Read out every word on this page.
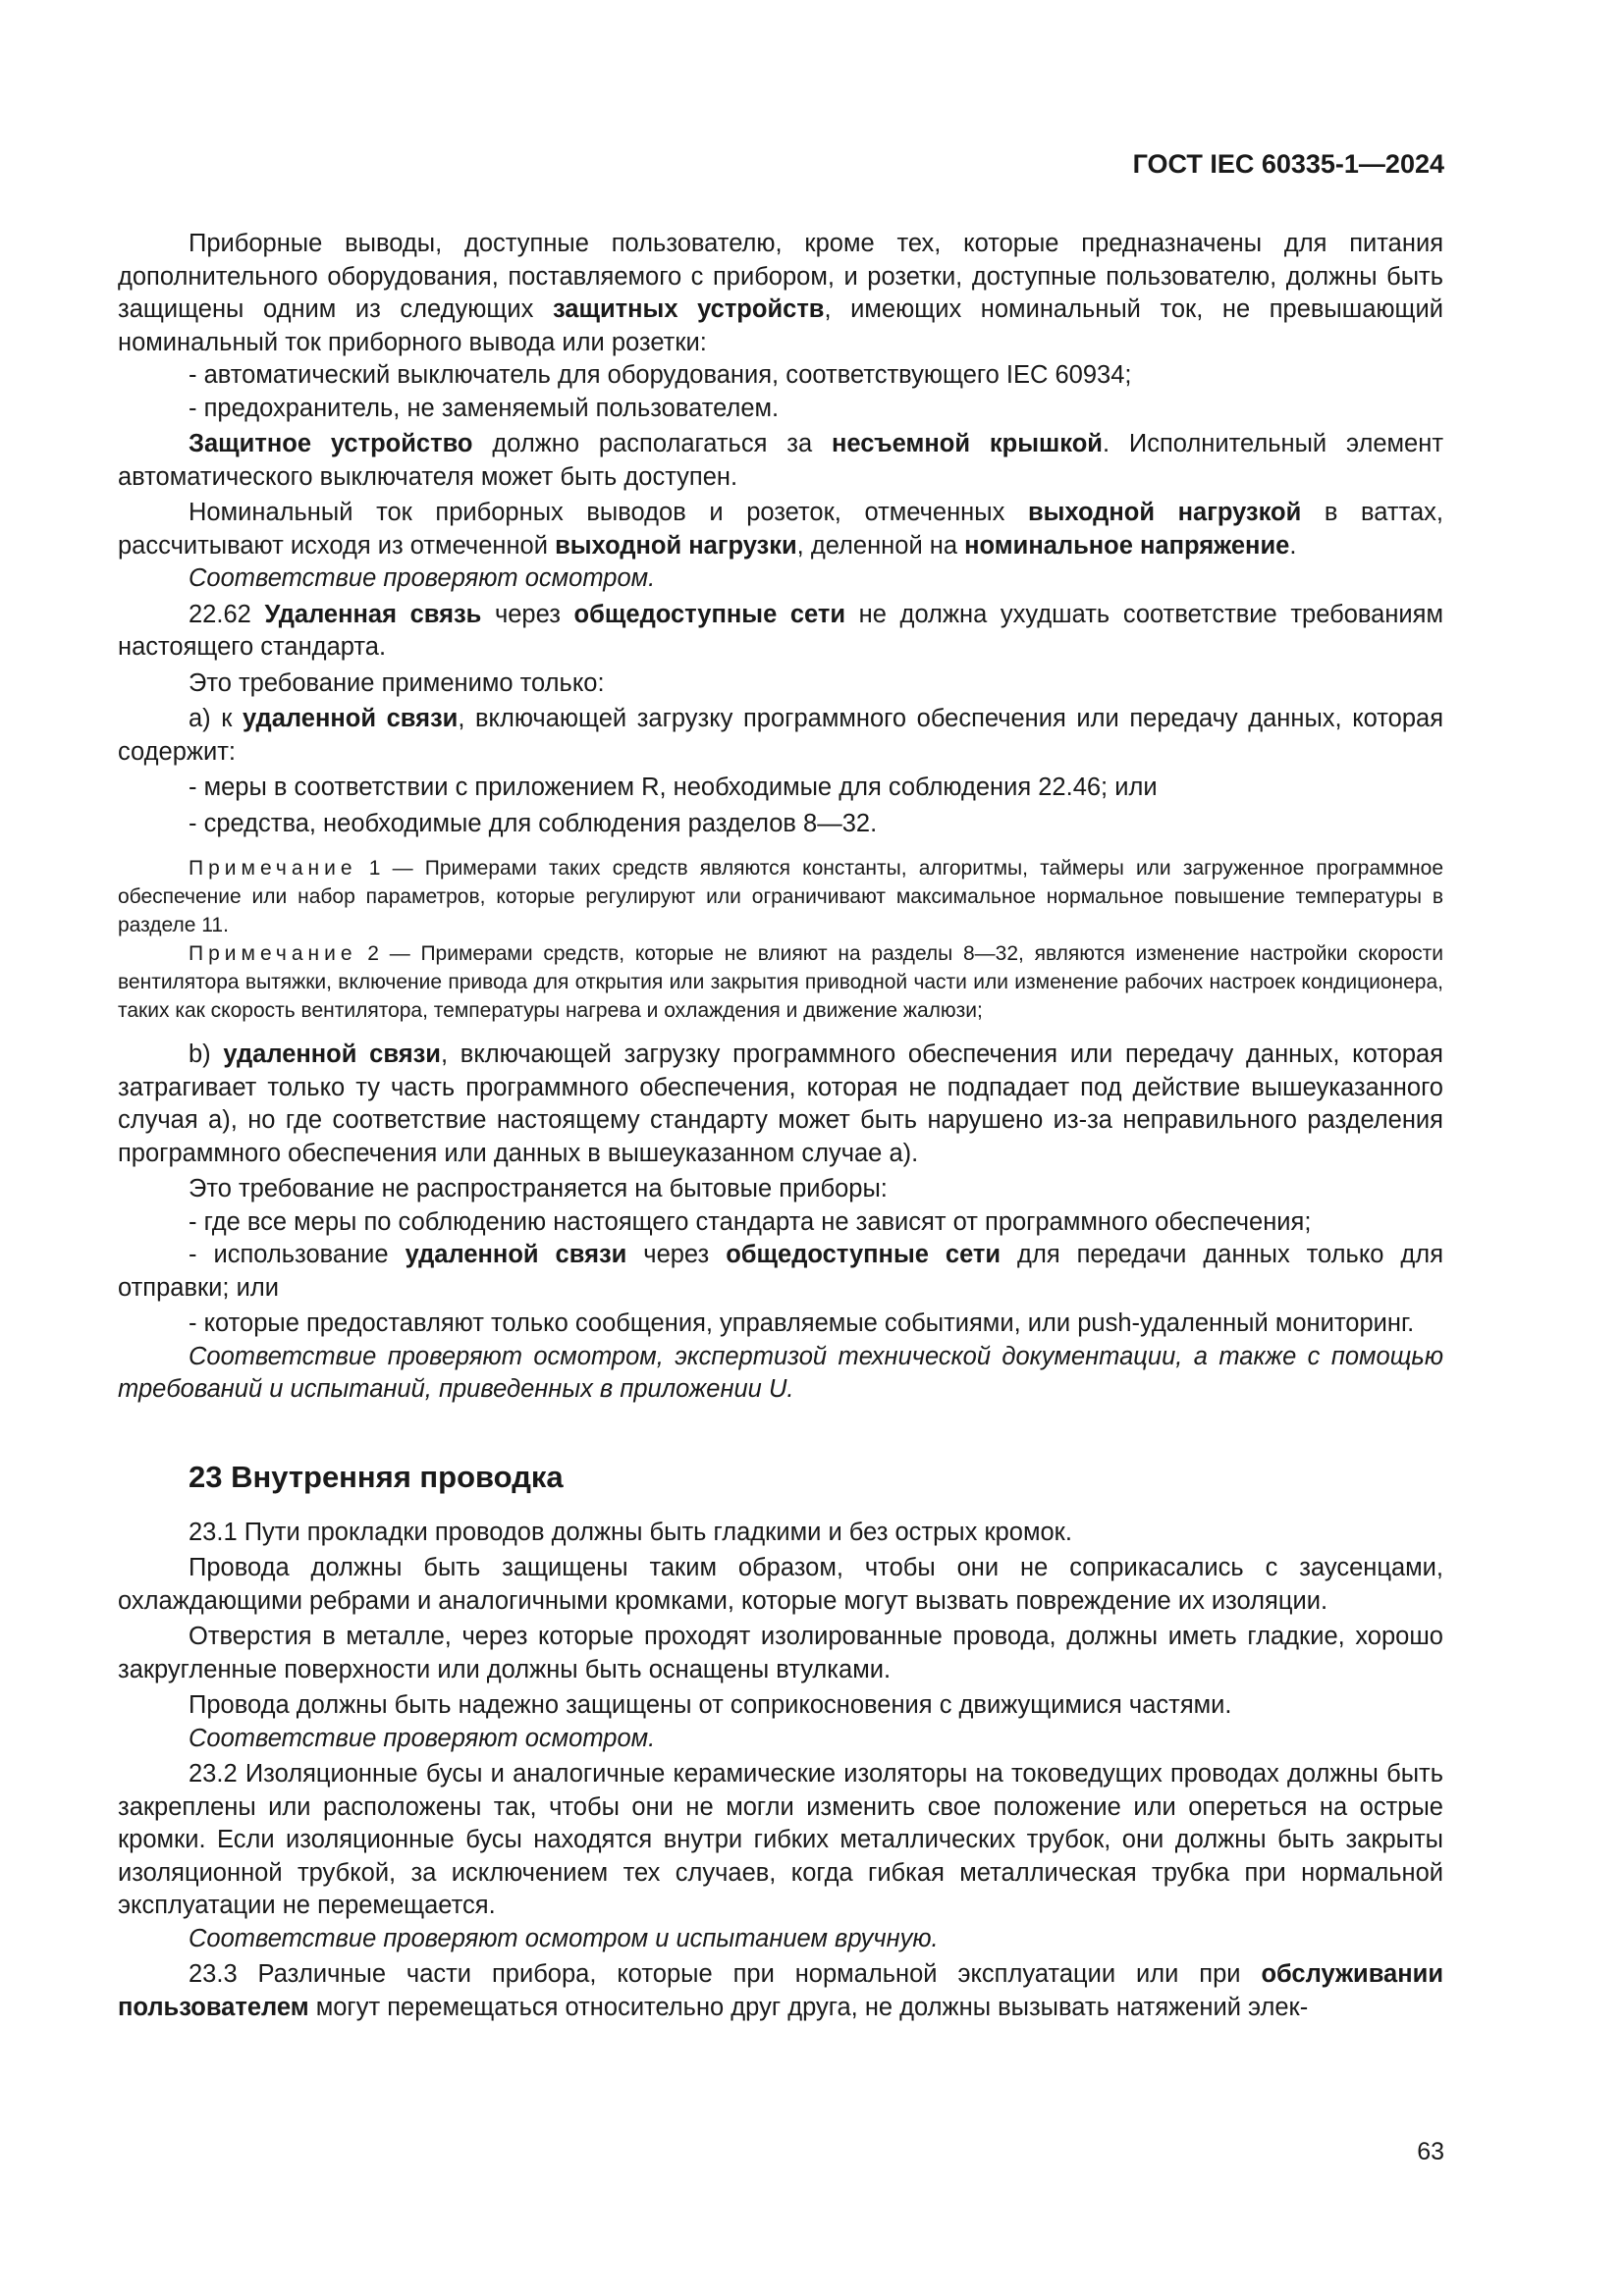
ГОСТ IEC 60335-1—2024

Приборные выводы, доступные пользователю, кроме тех, которые предназначены для питания дополнительного оборудования, поставляемого с прибором, и розетки, доступные пользователю, должны быть защищены одним из следующих защитных устройств, имеющих номинальный ток, не превышающий номинальный ток приборного вывода или розетки:

- автоматический выключатель для оборудования, соответствующего IEC 60934;

- предохранитель, не заменяемый пользователем.

Защитное устройство должно располагаться за несъемной крышкой. Исполнительный элемент автоматического выключателя может быть доступен.

Номинальный ток приборных выводов и розеток, отмеченных выходной нагрузкой в ваттах, рассчитывают исходя из отмеченной выходной нагрузки, деленной на номинальное напряжение.

Соответствие проверяют осмотром.

22.62 Удаленная связь через общедоступные сети не должна ухудшать соответствие требованиям настоящего стандарта.

Это требование применимо только:

a) к удаленной связи, включающей загрузку программного обеспечения или передачу данных, которая содержит:

- меры в соответствии с приложением R, необходимые для соблюдения 22.46; или

- средства, необходимые для соблюдения разделов 8—32.

Примечание 1 — Примерами таких средств являются константы, алгоритмы, таймеры или загруженное программное обеспечение или набор параметров, которые регулируют или ограничивают максимальное нормальное повышение температуры в разделе 11.

Примечание 2 — Примерами средств, которые не влияют на разделы 8—32, являются изменение настройки скорости вентилятора вытяжки, включение привода для открытия или закрытия приводной части или изменение рабочих настроек кондиционера, таких как скорость вентилятора, температуры нагрева и охлаждения и движение жалюзи;

b) удаленной связи, включающей загрузку программного обеспечения или передачу данных, которая затрагивает только ту часть программного обеспечения, которая не подпадает под действие вышеуказанного случая a), но где соответствие настоящему стандарту может быть нарушено из-за неправильного разделения программного обеспечения или данных в вышеуказанном случае a).

Это требование не распространяется на бытовые приборы:

- где все меры по соблюдению настоящего стандарта не зависят от программного обеспечения;

- использование удаленной связи через общедоступные сети для передачи данных только для отправки; или

- которые предоставляют только сообщения, управляемые событиями, или push-удаленный мониторинг.

Соответствие проверяют осмотром, экспертизой технической документации, а также с помощью требований и испытаний, приведенных в приложении U.

23 Внутренняя проводка

23.1 Пути прокладки проводов должны быть гладкими и без острых кромок.

Провода должны быть защищены таким образом, чтобы они не соприкасались с заусенцами, охлаждающими ребрами и аналогичными кромками, которые могут вызвать повреждение их изоляции.

Отверстия в металле, через которые проходят изолированные провода, должны иметь гладкие, хорошо закругленные поверхности или должны быть оснащены втулками.

Провода должны быть надежно защищены от соприкосновения с движущимися частями.

Соответствие проверяют осмотром.

23.2 Изоляционные бусы и аналогичные керамические изоляторы на токоведущих проводах должны быть закреплены или расположены так, чтобы они не могли изменить свое положение или опереться на острые кромки. Если изоляционные бусы находятся внутри гибких металлических трубок, они должны быть закрыты изоляционной трубкой, за исключением тех случаев, когда гибкая металлическая трубка при нормальной эксплуатации не перемещается.

Соответствие проверяют осмотром и испытанием вручную.

23.3 Различные части прибора, которые при нормальной эксплуатации или при обслуживании пользователем могут перемещаться относительно друг друга, не должны вызывать натяжений элек-

63
